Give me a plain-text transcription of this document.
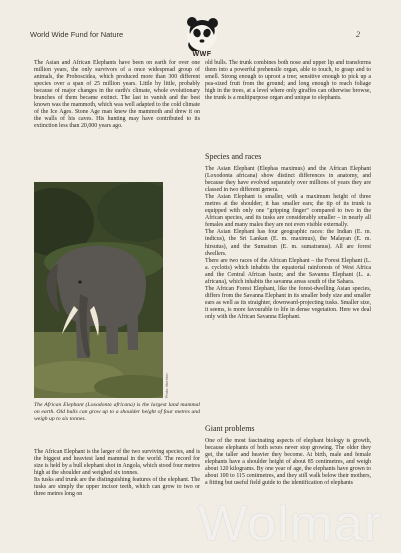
World Wide Fund for Nature
WWF
2

The Asian and African Elephants have been on earth for over one million years, the only survivors of a once widespread group of animals, the Proboscidea, which produced more than 300 different species over a span of 25 million years. Little by little, probably because of major changes in the earth's climate, whole evolutionary branches of them became extinct. The last to vanish and the best known was the mammoth, which was well adapted to the cold climate of the Ice Ages. Stone Age man knew the mammoth and drew it on the walls of his caves. His hunting may have contributed to its extinction less than 20,000 years ago.

Photo: Moreton
The African Elephant (Loxodonta africana) is the largest land mammal on earth. Old bulls can grow up to a shoulder height of four metres and weigh up to six tonnes.

The African Elephant is the larger of the two surviving species, and is the biggest and heaviest land mammal in the world. The record for size is held by a bull elephant shot in Angola, which stood four metres high at the shoulder and weighed six tonnes.

Its tusks and trunk are the distinguishing features of the elephant. The tusks are simply the upper incisor teeth, which can grow to two or three metres long on

old bulls. The trunk combines both nose and upper lip and transforms them into a powerful prehensile organ, able to touch, to grasp and to smell. Strong enough to uproot a tree; sensitive enough to pick up a pea-sized fruit from the ground; and long enough to reach foliage high in the trees, at a level where only giraffes can otherwise browse, the trunk is a multipurpose organ and unique to elephants.

Species and races

The Asian Elephant (Elephas maximus) and the African Elephant (Loxodonta africana) show distinct differences in anatomy, and because they have evolved separately over millions of years they are classed in two different genera.

The Asian Elephant is smaller, with a maximum height of three metres at the shoulder; it has smaller ears; the tip of its trunk is equipped with only one "gripping finger" compared to two in the African species, and its tusks are considerably smaller – in nearly all females and many males they are not even visible externally.

The Asian Elephant has four geographic races: the Indian (E. m. indicus), the Sri Lankan (E. m. maximus), the Malayan (E. m. hirsutus), and the Sumatran (E. m. sumatranus). All are forest dwellers.

There are two races of the African Elephant – the Forest Elephant (L. a. cyclotis) which inhabits the equatorial rainforests of West Africa and the Central African basin; and the Savanna Elephant (L. a. africana), which inhabits the savanna areas south of the Sahara.

The African Forest Elephant, like the forest-dwelling Asian species, differs from the Savanna Elephant in its smaller body size and smaller ears as well as its straighter, downward-projecting tusks. Smaller size, it seems, is more favourable to life in dense vegetation. Here we deal only with the African Savanna Elephant.

Giant problems

One of the most fascinating aspects of elephant biology is growth, because elephants of both sexes never stop growing. The older they get, the taller and heavier they become. At birth, male and female elephants have a shoulder height of about 85 centimetres, and weigh about 120 kilograms. By one year of age, the elephants have grown to about 100 to 115 centimetres, and they still walk below their mothers, a fitting but useful field guide to the identification of elephants

Wolmar
